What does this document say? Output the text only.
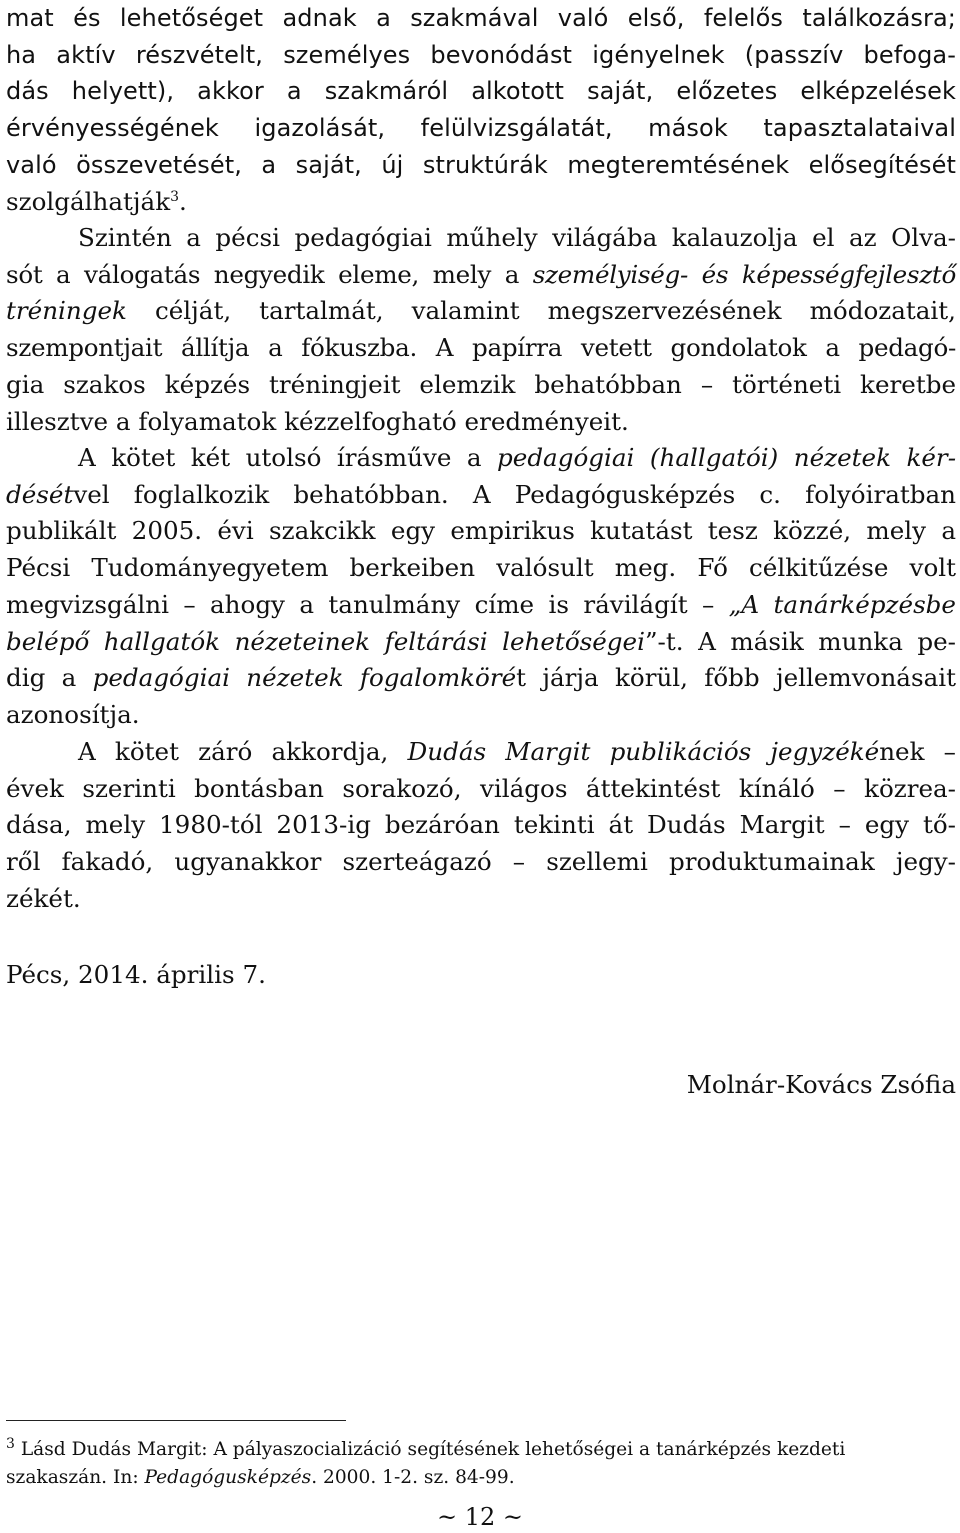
mat és lehetőséget adnak a szakmával való első, felelős találkozásra;
ha aktív részvételt, személyes bevonódást igényelnek (passzív befoga-
dás helyett), akkor a szakmáról alkotott saját, előzetes elképzelések
érvényességének igazolását, felülvizsgálatát, mások tapasztalataival
való összevetését, a saját, új struktúrák megteremtésének elősegítését
szolgálhatják$^3$.
Szintén a pécsi pedagógiai műhely világába kalauzolja el az Olva-
sót a válogatás negyedik eleme, mely a személyiség- és képességfejlesztő
tréningek célját, tartalmát, valamint megszervezésének módozatait,
szempontjait állítja a fókuszba. A papírra vetett gondolatok a pedagó-
gia szakos képzés tréningjeit elemzik behatóbban – történeti keretbe
illesztve a folyamatok kézzelfogható eredményeit.
A kötet két utolsó írásműve a pedagógiai (hallgatói) nézetek kér-
désétvel foglalkozik behatóbban. A Pedagógusképzés c. folyóiratban
publikált 2005. évi szakcikk egy empirikus kutatást tesz közzé, mely a
Pécsi Tudományegyetem berkeiben valósult meg. Fő célkitűzése volt
megvizsgálni – ahogy a tanulmány címe is rávilágít – „A tanárképzésbe
belépő hallgatók nézeteinek feltárási lehetőségei”-t. A másik munka pe-
dig a pedagógiai nézetek fogalomkörét járja körül, főbb jellemvonásait
azonosítja.
A kötet záró akkordja, Dudás Margit publikációs jegyzékének –
évek szerinti bontásban sorakozó, világos áttekintést kínáló – közrea-
dása, mely 1980-tól 2013-ig bezáróan tekinti át Dudás Margit – egy tő-
ről fakadó, ugyanakkor szerteágazó – szellemi produktumainak jegy-
zékét.
Pécs, 2014. április 7.
Molnár-Kovács Zsófia
$^3$ Lásd Dudás Margit: A pályaszocializáció segítésének lehetőségei a tanárképzés kezdeti
szakaszán. In: Pedagógusképzés. 2000. 1-2. sz. 84-99.
~ 12 ~
